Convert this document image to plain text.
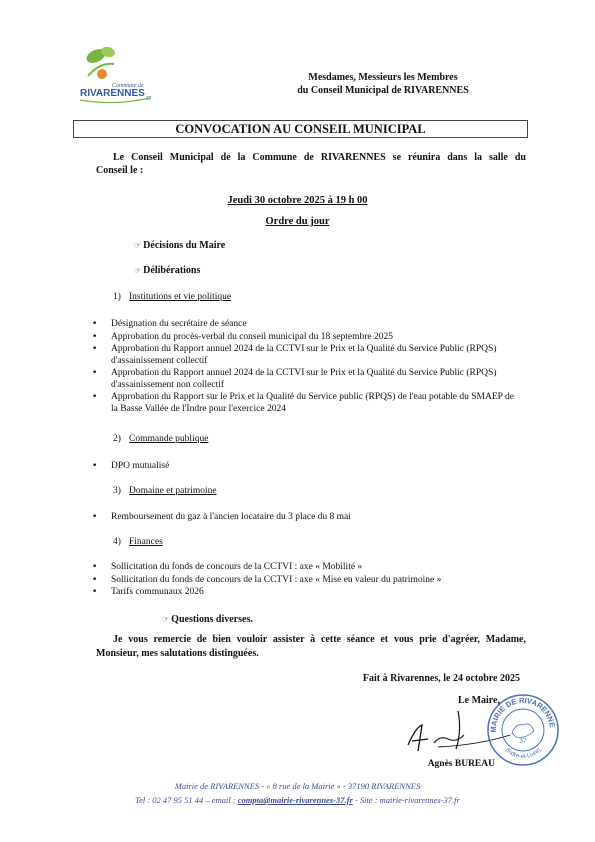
Commune de
RIVARENNES 37
Mesdames, Messieurs les Membres
du Conseil Municipal de RIVARENNES
CONVOCATION AU CONSEIL MUNICIPAL
Le Conseil Municipal de la Commune de RIVARENNES se réunira dans la salle du
Conseil le :
Jeudi 30 octobre 2025 à 19 h 00
Ordre du jour
☞ Décisions du Maire
☞ Délibérations
1) Institutions et vie politique
• Désignation du secrétaire de séance
• Approbation du procès-verbal du conseil municipal du 18 septembre 2025
• Approbation du Rapport annuel 2024 de la CCTVI sur le Prix et la Qualité du Service Public (RPQS) d'assainissement collectif
• Approbation du Rapport annuel 2024 de la CCTVI sur le Prix et la Qualité du Service Public (RPQS) d'assainissement non collectif
• Approbation du Rapport sur le Prix et la Qualité du Service public (RPQS) de l'eau potable du SMAEP de la Basse Vallée de l'Indre pour l'exercice 2024
2) Commande publique
• DPO mutualisé
3) Domaine et patrimoine
• Remboursement du gaz à l'ancien locataire du 3 place du 8 mai
4) Finances
• Sollicitation du fonds de concours de la CCTVI : axe « Mobilité »
• Sollicitation du fonds de concours de la CCTVI : axe « Mise en valeur du patrimoine »
• Tarifs communaux 2026
☞ Questions diverses.
Je vous remercie de bien vouloir assister à cette séance et vous prie d'agréer, Madame,
Monsieur, mes salutations distinguées.
Fait à Rivarennes, le 24 octobre 2025
Le Maire,
MAIRIE DE RIVARENNE
(Indre-et-Loire)
37
Agnès BUREAU
Mairie de RIVARENNES - « 8 rue de la Mairie » - 37190 RIVARENNES
Tel : 02 47 95 51 44 – email : compta@mairie-rivarennes-37.fr - Site : mairie-rivarennes-37.fr
